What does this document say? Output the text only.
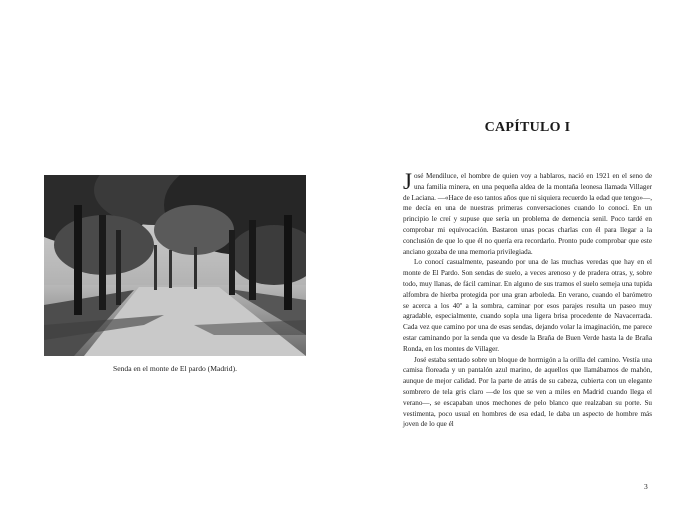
Senda en el monte de El pardo (Madrid).
CAPÍTULO I

José Mendiluce, el hombre de quien voy a hablaros, nació en 1921 en el seno de una familia minera, en una pequeña aldea de la montaña leonesa llamada Villager de Laciana. —«Hace de eso tantos años que ni siquiera recuerdo la edad que tengo»—, me decía en una de nuestras primeras conversaciones cuando lo conocí. En un principio le creí y supuse que sería un problema de demencia senil. Poco tardé en comprobar mi equivocación. Bastaron unas pocas charlas con él para llegar a la conclusión de que lo que él no quería era recordarlo. Pronto pude comprobar que este anciano gozaba de una memoria privilegiada.

Lo conocí casualmente, paseando por una de las muchas veredas que hay en el monte de El Pardo. Son sendas de suelo, a veces arenoso y de pradera otras, y, sobre todo, muy llanas, de fácil caminar. En alguno de sus tramos el suelo semeja una tupida alfombra de hierba protegida por una gran arboleda. En verano, cuando el barómetro se acerca a los 40º a la sombra, caminar por esos parajes resulta un paseo muy agradable, especialmente, cuando sopla una ligera brisa procedente de Navacerrada. Cada vez que camino por una de esas sendas, dejando volar la imaginación, me parece estar caminando por la senda que va desde la Braña de Buen Verde hasta la de Braña Ronda, en los montes de Villager.

José estaba sentado sobre un bloque de hormigón a la orilla del camino. Vestía una camisa floreada y un pantalón azul marino, de aquellos que llamábamos de mahón, aunque de mejor calidad. Por la parte de atrás de su cabeza, cubierta con un elegante sombrero de tela gris claro —de los que se ven a miles en Madrid cuando llega el verano—, se escapaban unos mechones de pelo blanco que realzaban su porte. Su vestimenta, poco usual en hombres de esa edad, le daba un aspecto de hombre más joven de lo que él

3
